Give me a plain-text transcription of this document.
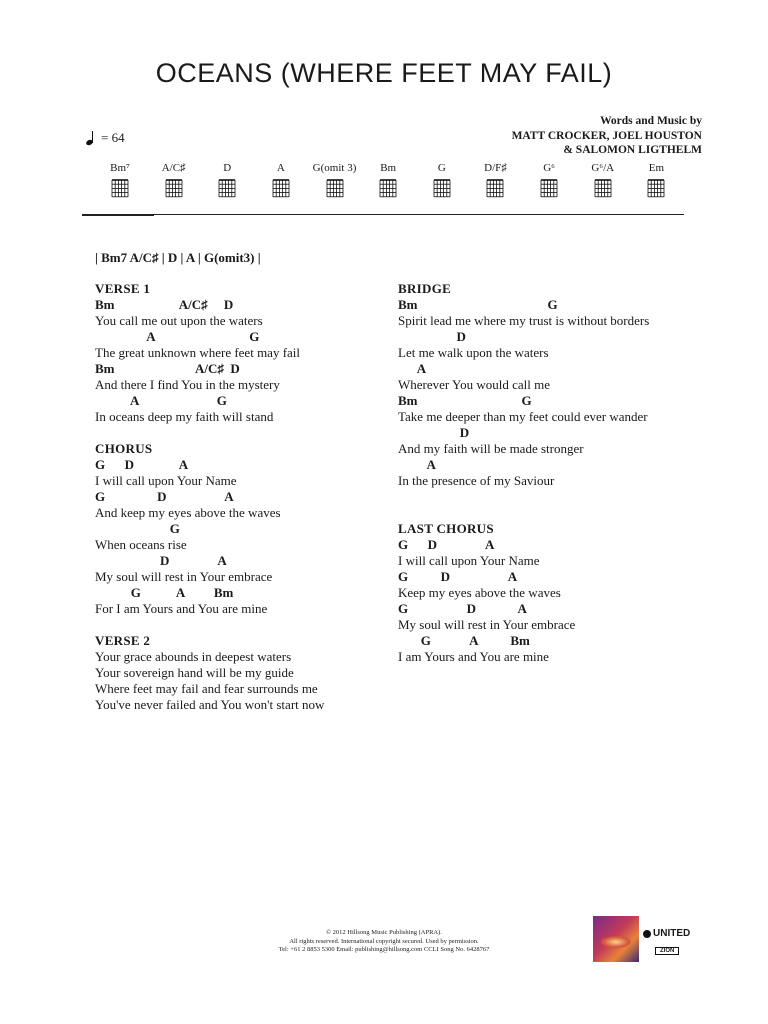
OCEANS (WHERE FEET MAY FAIL)
= 64
Words and Music by
MATT CROCKER, JOEL HOUSTON
& SALOMON LIGTHELM
Bm⁷	A/C♯	D	A	G(omit 3)	Bm	G	D/F♯	G⁶	G⁶/A	Em
| Bm7 A/C♯ | D | A | G(omit3) |
VERSE 1
Bm                    A/C♯     D
You call me out upon the waters
A                             G
The great unknown where feet may fail
Bm                         A/C♯  D
And there I find You in the mystery
A                        G
In oceans deep my faith will stand
CHORUS
G      D              A
I will call upon Your Name
G                D                  A
And keep my eyes above the waves
G
When oceans rise
D               A
My soul will rest in Your embrace
G           A         Bm
For I am Yours and You are mine
VERSE 2
Your grace abounds in deepest waters
Your sovereign hand will be my guide
Where feet may fail and fear surrounds me
You've never failed and You won't start now
BRIDGE
Bm                                        G
Spirit lead me where my trust is without borders
D
Let me walk upon the waters
A
Wherever You would call me
Bm                                G
Take me deeper than my feet could ever wander
D
And my faith will be made stronger
A
In the presence of my Saviour
LAST CHORUS
G      D               A
I will call upon Your Name
G          D                  A
Keep my eyes above the waves
G                  D             A
My soul will rest in Your embrace
G            A          Bm
I am Yours and You are mine
© 2012 Hillsong Music Publishing (APRA).
All rights reserved. International copyright secured. Used by permission.
Tel: +61 2 8853 5300 Email: publishing@hillsong.com CCLI Song No. 6428767
UNITED
ZION
